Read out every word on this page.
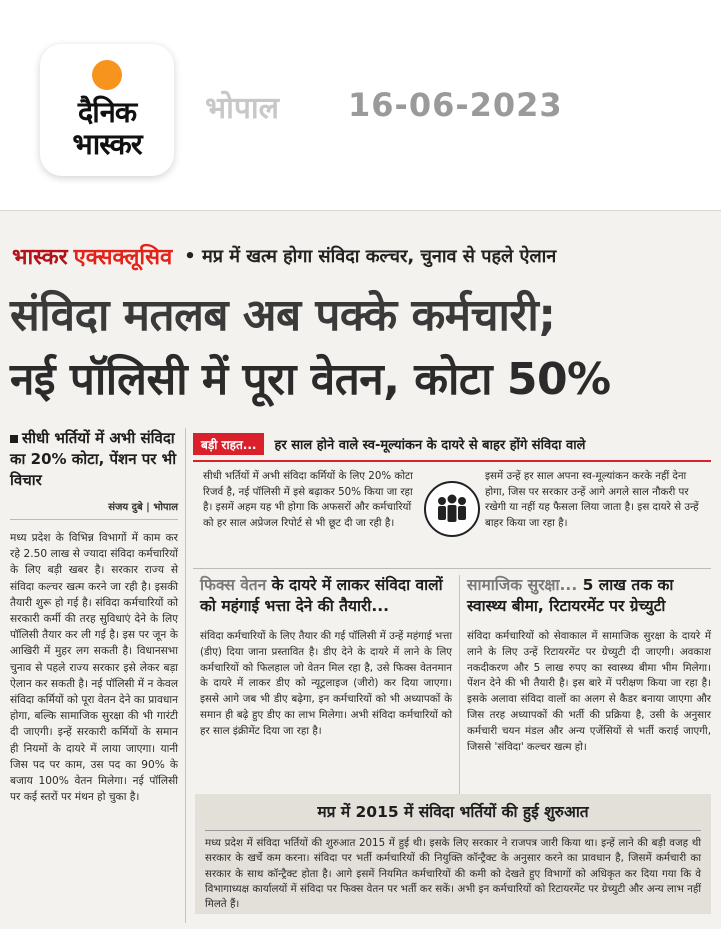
दैनिक
भास्कर
भोपाल 16-06-2023
भास्कर एक्सक्लूसिव • मप्र में खत्म होगा संविदा कल्चर, चुनाव से पहले ऐलान
संविदा मतलब अब पक्के कर्मचारी;
नई पॉलिसी में पूरा वेतन, कोटा 50%
सीधी भर्तियों में अभी संविदा का 20% कोटा, पेंशन पर भी विचार
संजय दुबे | भोपाल
मध्य प्रदेश के विभिन्न विभागों में काम कर रहे 2.50 लाख से ज्यादा संविदा कर्मचारियों के लिए बड़ी खबर है। सरकार राज्य से संविदा कल्चर खत्म करने जा रही है। इसकी तैयारी शुरू हो गई है। संविदा कर्मचारियों को सरकारी कर्मी की तरह सुविधाएं देने के लिए पॉलिसी तैयार कर ली गई है। इस पर जून के आखिरी में मुहर लग सकती है। विधानसभा चुनाव से पहले राज्य सरकार इसे लेकर बड़ा ऐलान कर सकती है। नई पॉलिसी में न केवल संविदा कर्मियों को पूरा वेतन देने का प्रावधान होगा, बल्कि सामाजिक सुरक्षा की भी गारंटी दी जाएगी। इन्हें सरकारी कर्मियों के समान ही नियमों के दायरे में लाया जाएगा। यानी जिस पद पर काम, उस पद का 90% के बजाय 100% वेतन मिलेगा। नई पॉलिसी पर कई स्तरों पर मंथन हो चुका है।
बड़ी राहत...	हर साल होने वाले स्व-मूल्यांकन के दायरे से बाहर होंगे संविदा वाले
सीधी भर्तियों में अभी संविदा कर्मियों के लिए 20% कोटा रिजर्व है, नई पॉलिसी में इसे बढ़ाकर 50% किया जा रहा है। इसमें अहम यह भी होगा कि अफसरों और कर्मचारियों को हर साल अप्रेजल रिपोर्ट से भी छूट दी जा रही है।
इसमें उन्हें हर साल अपना स्व-मूल्यांकन करके नहीं देना होगा, जिस पर सरकार उन्हें आगे अगले साल नौकरी पर रखेगी या नहीं यह फैसला लिया जाता है। इस दायरे से उन्हें बाहर किया जा रहा है।
फिक्स वेतन के दायरे में लाकर संविदा वालों को महंगाई भत्ता देने की तैयारी...
संविदा कर्मचारियों के लिए तैयार की गई पॉलिसी में उन्हें महंगाई भत्ता (डीए) दिया जाना प्रस्तावित है। डीए देने के दायरे में लाने के लिए कर्मचारियों को फिलहाल जो वेतन मिल रहा है, उसे फिक्स वेतनमान के दायरे में लाकर डीए को न्यूट्रलाइज (जीरो) कर दिया जाएगा। इससे आगे जब भी डीए बढ़ेगा, इन कर्मचारियों को भी अध्यापकों के समान ही बढ़े हुए डीए का लाभ मिलेगा। अभी संविदा कर्मचारियों को हर साल इंक्रीमेंट दिया जा रहा है।
सामाजिक सुरक्षा... 5 लाख तक का स्वास्थ्य बीमा, रिटायरमेंट पर ग्रेच्युटी
संविदा कर्मचारियों को सेवाकाल में सामाजिक सुरक्षा के दायरे में लाने के लिए उन्हें रिटायरमेंट पर ग्रेच्युटी दी जाएगी। अवकाश नकदीकरण और 5 लाख रुपए का स्वास्थ्य बीमा भीम मिलेगा। पेंशन देने की भी तैयारी है। इस बारे में परीक्षण किया जा रहा है। इसके अलावा संविदा वालों का अलग से कैडर बनाया जाएगा और जिस तरह अध्यापकों की भर्ती की प्रक्रिया है, उसी के अनुसार कर्मचारी चयन मंडल और अन्य एजेंसियों से भर्ती कराई जाएगी, जिससे 'संविदा' कल्चर खत्म हो।
मप्र में 2015 में संविदा भर्तियों की हुई शुरुआत
मध्य प्रदेश में संविदा भर्तियों की शुरुआत 2015 में हुई थी। इसके लिए सरकार ने राजपत्र जारी किया था। इन्हें लाने की बड़ी वजह थी सरकार के खर्चे कम करना। संविदा पर भर्ती कर्मचारियों की नियुक्ति कॉन्ट्रैक्ट के अनुसार करने का प्रावधान है, जिसमें कर्मचारी का सरकार के साथ कॉन्ट्रैक्ट होता है। आगे इसमें नियमित कर्मचारियों की कमी को देखते हुए विभागों को अधिकृत कर दिया गया कि वे विभागाध्यक्ष कार्यालयों में संविदा पर फिक्स वेतन पर भर्ती कर सकें। अभी इन कर्मचारियों को रिटायरमेंट पर ग्रेच्युटी और अन्य लाभ नहीं मिलते हैं।
